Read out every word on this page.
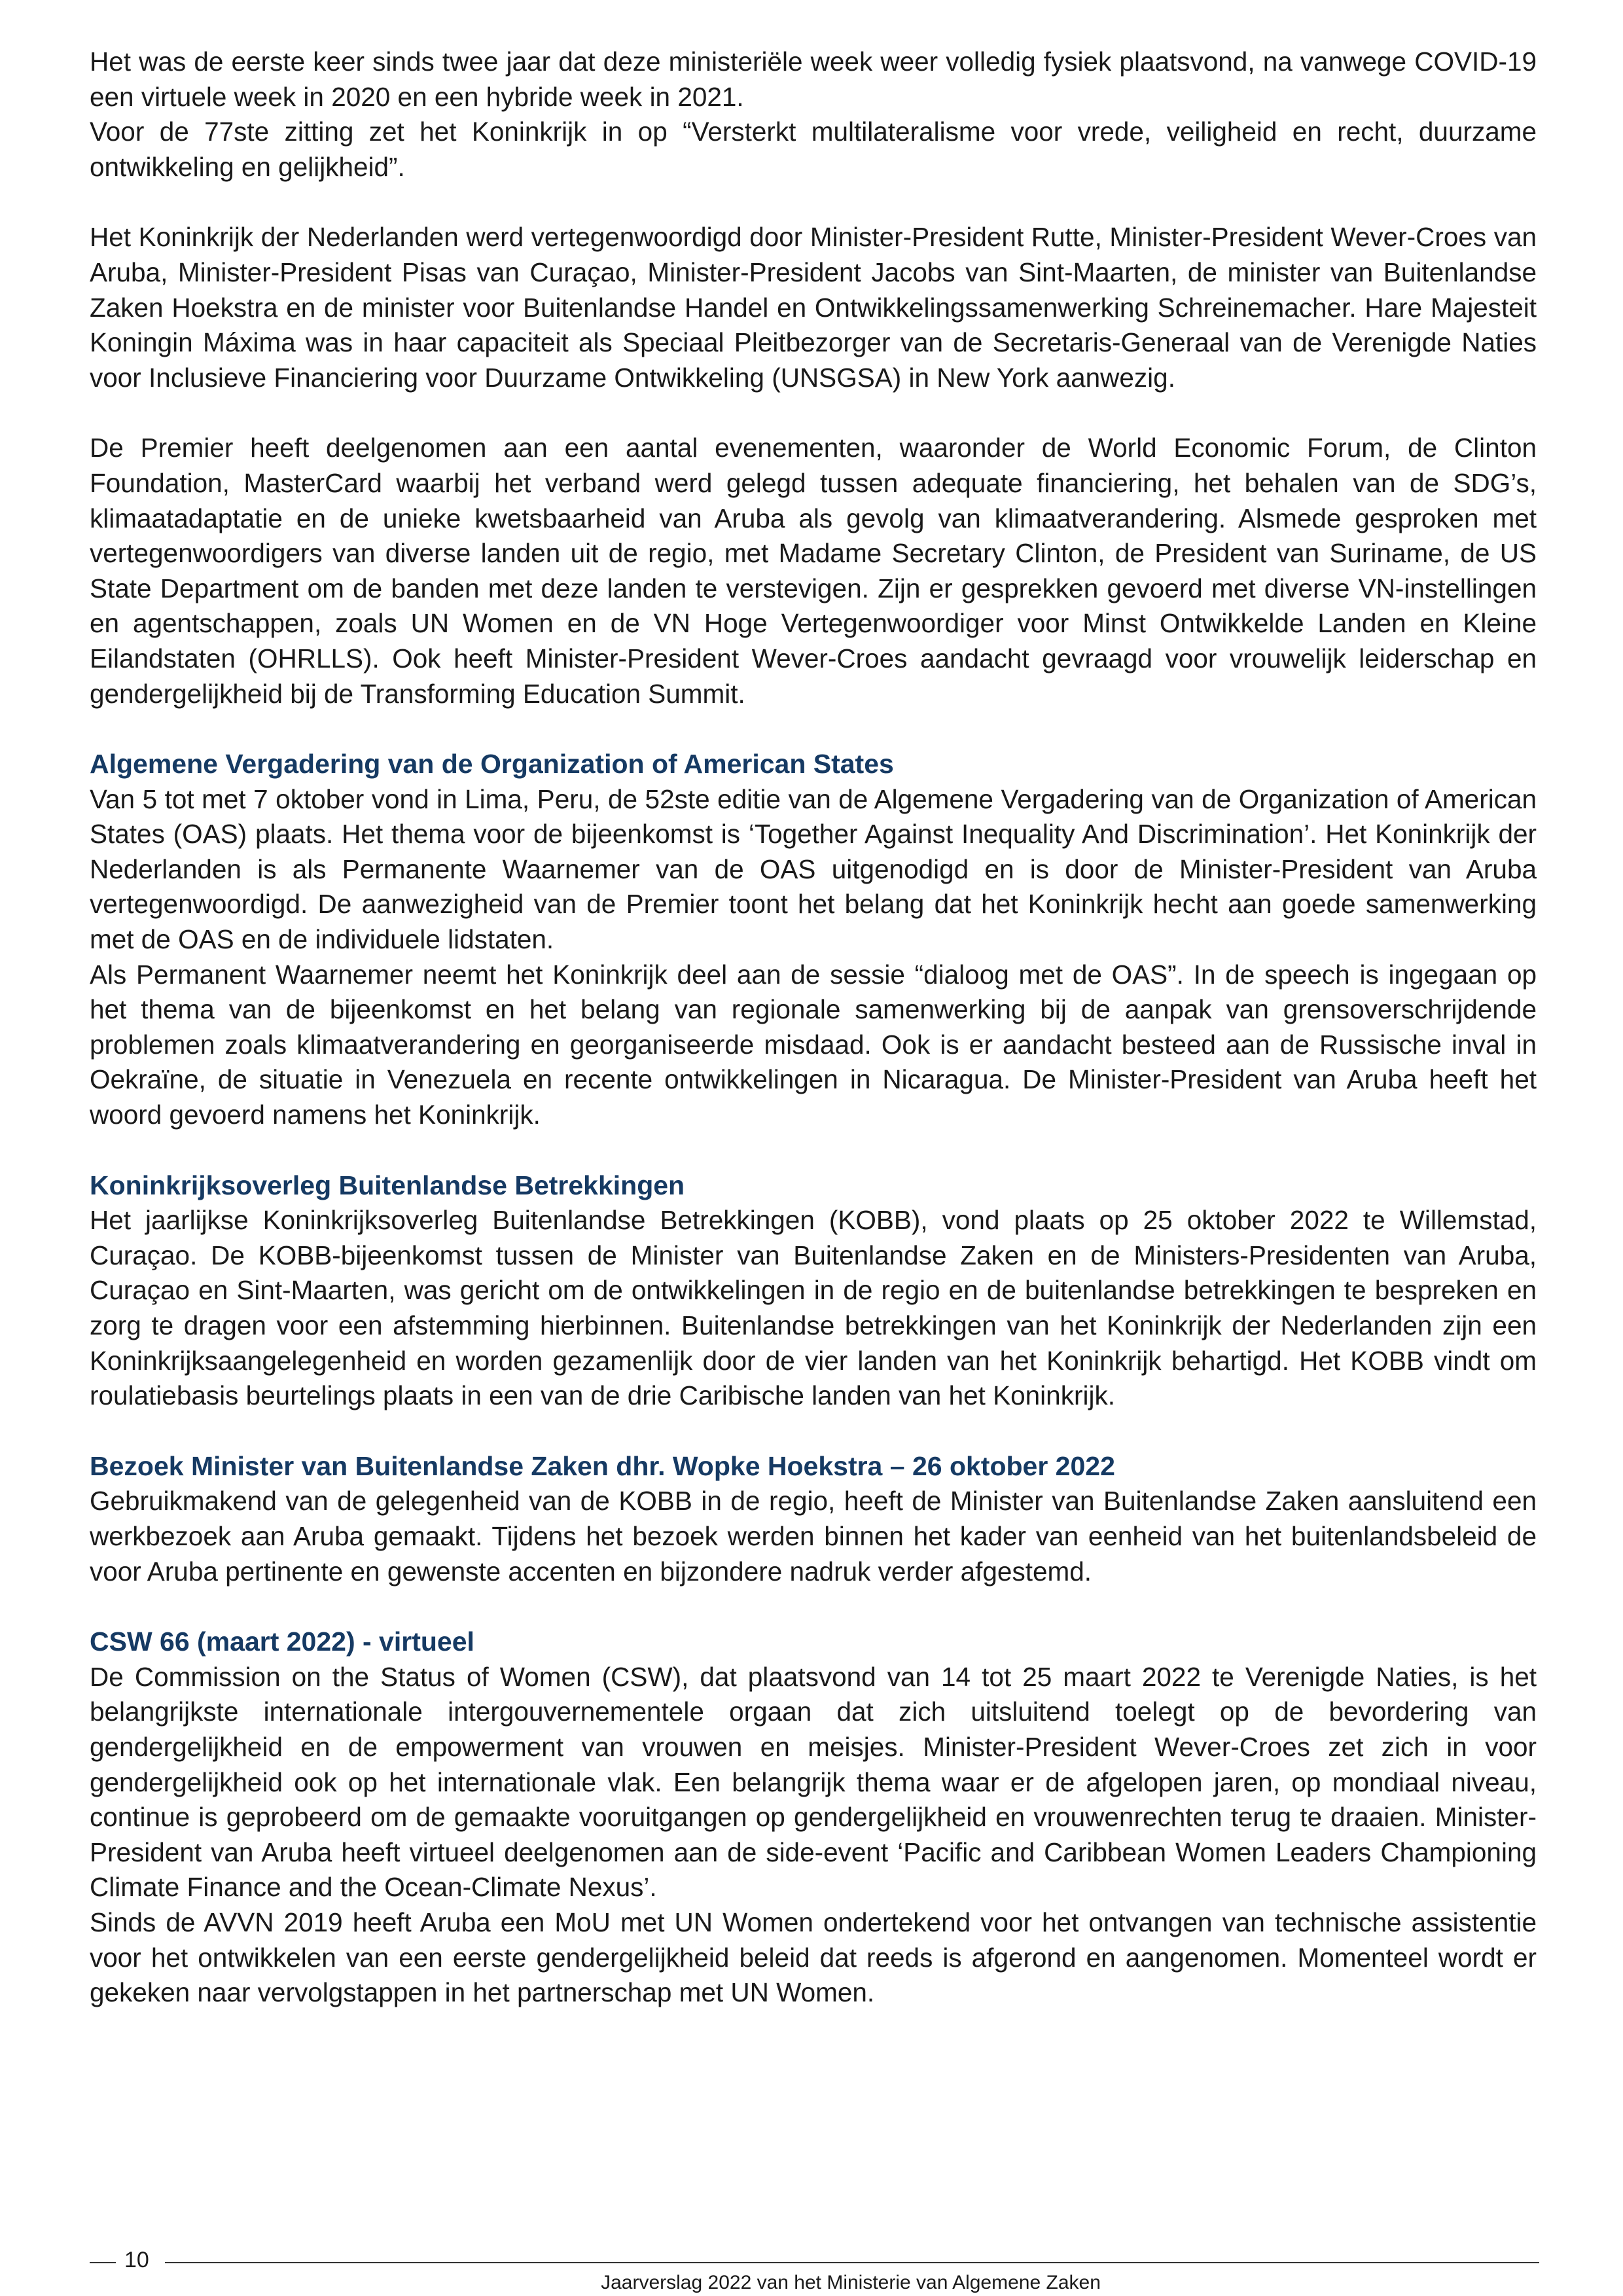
Het was de eerste keer sinds twee jaar dat deze ministeriële week weer volledig fysiek plaatsvond, na vanwege COVID-19 een virtuele week in 2020 en een hybride week in 2021.

Voor de 77ste zitting zet het Koninkrijk in op “Versterkt multilateralisme voor vrede, veiligheid en recht, duurzame ontwikkeling en gelijkheid”.

Het Koninkrijk der Nederlanden werd vertegenwoordigd door Minister-President Rutte, Minister-President Wever-Croes van Aruba, Minister-President Pisas van Curaçao, Minister-President Jacobs van Sint-Maarten, de minister van Buitenlandse Zaken Hoekstra en de minister voor Buitenlandse Handel en Ontwikkelingssamenwerking Schreinemacher. Hare Majesteit Koningin Máxima was in haar capaciteit als Speciaal Pleitbezorger van de Secretaris-Generaal van de Verenigde Naties voor Inclusieve Financiering voor Duurzame Ontwikkeling (UNSGSA) in New York aanwezig.

De Premier heeft deelgenomen aan een aantal evenementen, waaronder de World Economic Forum, de Clinton Foundation, MasterCard waarbij het verband werd gelegd tussen adequate financiering, het behalen van de SDG’s, klimaatadaptatie en de unieke kwetsbaarheid van Aruba als gevolg van klimaatverandering. Alsmede gesproken met vertegenwoordigers van diverse landen uit de regio, met Madame Secretary Clinton, de President van Suriname, de US State Department om de banden met deze landen te verstevigen. Zijn er gesprekken gevoerd met diverse VN-instellingen en agentschappen, zoals UN Women en de VN Hoge Vertegenwoordiger voor Minst Ontwikkelde Landen en Kleine Eilandstaten (OHRLLS). Ook heeft Minister-President Wever-Croes aandacht gevraagd voor vrouwelijk leiderschap en gendergelijkheid bij de Transforming Education Summit.

Algemene Vergadering van de Organization of American States

Van 5 tot met 7 oktober vond in Lima, Peru, de 52ste editie van de Algemene Vergadering van de Organization of American States (OAS) plaats. Het thema voor de bijeenkomst is ‘Together Against Inequality And Discrimination’. Het Koninkrijk der Nederlanden is als Permanente Waarnemer van de OAS uitgenodigd en is door de Minister-President van Aruba vertegenwoordigd. De aanwezigheid van de Premier toont het belang dat het Koninkrijk hecht aan goede samenwerking met de OAS en de individuele lidstaten.

Als Permanent Waarnemer neemt het Koninkrijk deel aan de sessie “dialoog met de OAS”. In de speech is ingegaan op het thema van de bijeenkomst en het belang van regionale samenwerking bij de aanpak van grensoverschrijdende problemen zoals klimaatverandering en georganiseerde misdaad. Ook is er aandacht besteed aan de Russische inval in Oekraïne, de situatie in Venezuela en recente ontwikkelingen in Nicaragua. De Minister-President van Aruba heeft het woord gevoerd namens het Koninkrijk.

Koninkrijksoverleg Buitenlandse Betrekkingen

Het jaarlijkse Koninkrijksoverleg Buitenlandse Betrekkingen (KOBB), vond plaats op 25 oktober 2022 te Willemstad, Curaçao. De KOBB-bijeenkomst tussen de Minister van Buitenlandse Zaken en de Ministers-Presidenten van Aruba, Curaçao en Sint-Maarten, was gericht om de ontwikkelingen in de regio en de buitenlandse betrekkingen te bespreken en zorg te dragen voor een afstemming hierbinnen. Buitenlandse betrekkingen van het Koninkrijk der Nederlanden zijn een Koninkrijksaangelegenheid en worden gezamenlijk door de vier landen van het Koninkrijk behartigd. Het KOBB vindt om roulatiebasis beurtelings plaats in een van de drie Caribische landen van het Koninkrijk.

Bezoek Minister van Buitenlandse Zaken dhr. Wopke Hoekstra – 26 oktober 2022

Gebruikmakend van de gelegenheid van de KOBB in de regio, heeft de Minister van Buitenlandse Zaken aansluitend een werkbezoek aan Aruba gemaakt. Tijdens het bezoek werden binnen het kader van eenheid van het buitenlandsbeleid de voor Aruba pertinente en gewenste accenten en bijzondere nadruk verder afgestemd.

CSW 66 (maart 2022) - virtueel

De Commission on the Status of Women (CSW), dat plaatsvond van 14 tot 25 maart 2022 te Verenigde Naties, is het belangrijkste internationale intergouvernementele orgaan dat zich uitsluitend toelegt op de bevordering van gendergelijkheid en de empowerment van vrouwen en meisjes. Minister-President Wever-Croes zet zich in voor gendergelijkheid ook op het internationale vlak. Een belangrijk thema waar er de afgelopen jaren, op mondiaal niveau, continue is geprobeerd om de gemaakte vooruitgangen op gendergelijkheid en vrouwenrechten terug te draaien. Minister-President van Aruba heeft virtueel deelgenomen aan de side-event ‘Pacific and Caribbean Women Leaders Championing Climate Finance and the Ocean-Climate Nexus’.

Sinds de AVVN 2019 heeft Aruba een MoU met UN Women ondertekend voor het ontvangen van technische assistentie voor het ontwikkelen van een eerste gendergelijkheid beleid dat reeds is afgerond en aangenomen. Momenteel wordt er gekeken naar vervolgstappen in het partnerschap met UN Women.

10
Jaarverslag 2022 van het Ministerie van Algemene Zaken
